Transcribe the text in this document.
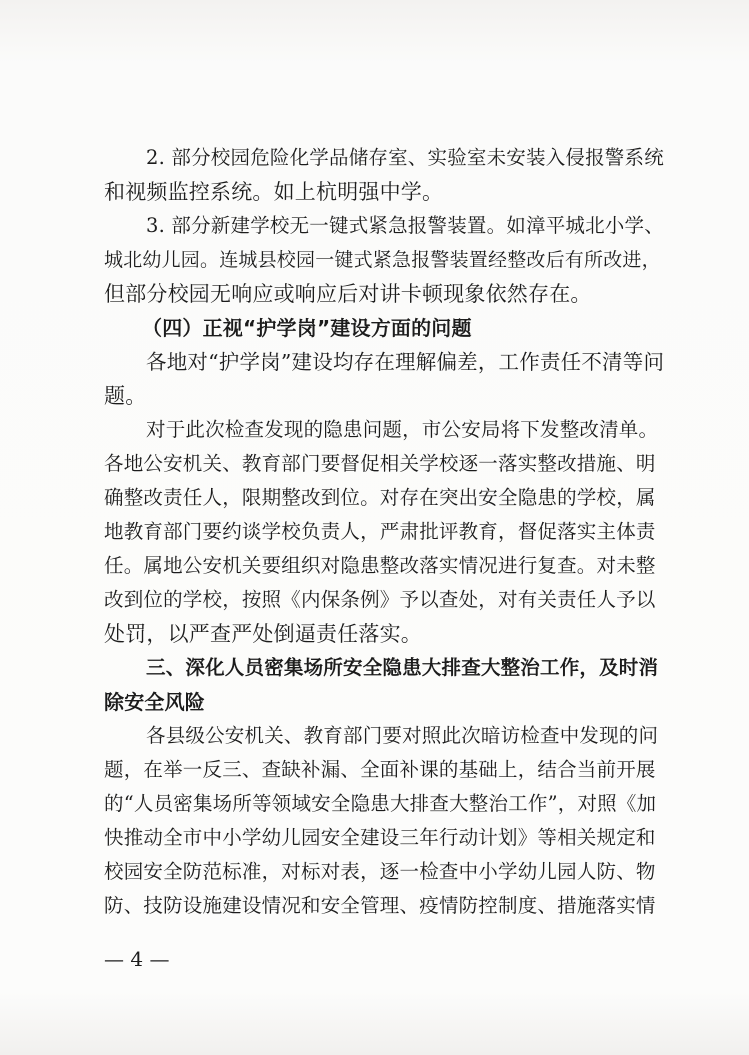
2. 部分校园危险化学品储存室、实验室未安装入侵报警系统
和视频监控系统。如上杭明强中学。
3. 部分新建学校无一键式紧急报警装置。如漳平城北小学、
城北幼儿园。连城县校园一键式紧急报警装置经整改后有所改进，
但部分校园无响应或响应后对讲卡顿现象依然存在。
（四）正视“护学岗”建设方面的问题
各地对“护学岗”建设均存在理解偏差，工作责任不清等问
题。
对于此次检查发现的隐患问题，市公安局将下发整改清单。
各地公安机关、教育部门要督促相关学校逐一落实整改措施、明
确整改责任人，限期整改到位。对存在突出安全隐患的学校，属
地教育部门要约谈学校负责人，严肃批评教育，督促落实主体责
任。属地公安机关要组织对隐患整改落实情况进行复查。对未整
改到位的学校，按照《内保条例》予以查处，对有关责任人予以
处罚，以严查严处倒逼责任落实。
三、深化人员密集场所安全隐患大排查大整治工作，及时消
除安全风险
各县级公安机关、教育部门要对照此次暗访检查中发现的问
题，在举一反三、查缺补漏、全面补课的基础上，结合当前开展
的“人员密集场所等领域安全隐患大排查大整治工作”，对照《加
快推动全市中小学幼儿园安全建设三年行动计划》等相关规定和
校园安全防范标准，对标对表，逐一检查中小学幼儿园人防、物
防、技防设施建设情况和安全管理、疫情防控制度、措施落实情
— 4 —
